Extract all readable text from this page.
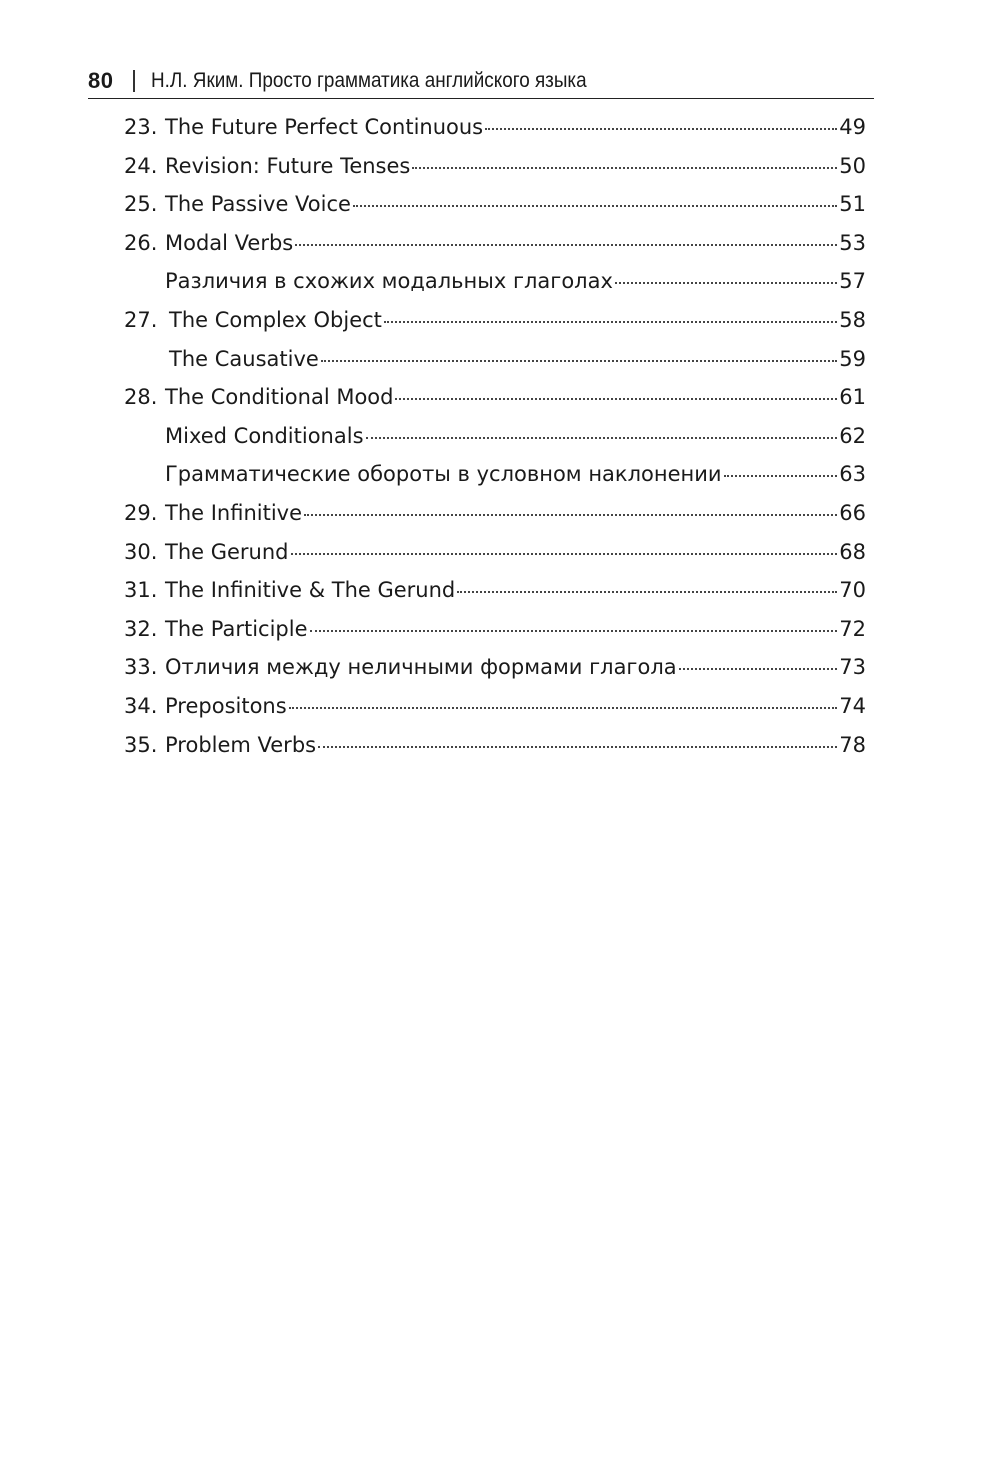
80 Н.Л. Яким. Просто грамматика английского языка
23. The Future Perfect Continuous	49
24. Revision: Future Tenses	50
25. The Passive Voice	51
26. Modal Verbs	53
Различия в схожих модальных глаголах	57
27. The Complex Object	58
The Causative	59
28. The Conditional Mood	61
Mixed Conditionals	62
Грамматические обороты в условном наклонении	63
29. The Infinitive	66
30. The Gerund	68
31. The Infinitive & The Gerund	70
32. The Participle	72
33. Отличия между неличными формами глагола	73
34. Prepositons	74
35. Problem Verbs	78
